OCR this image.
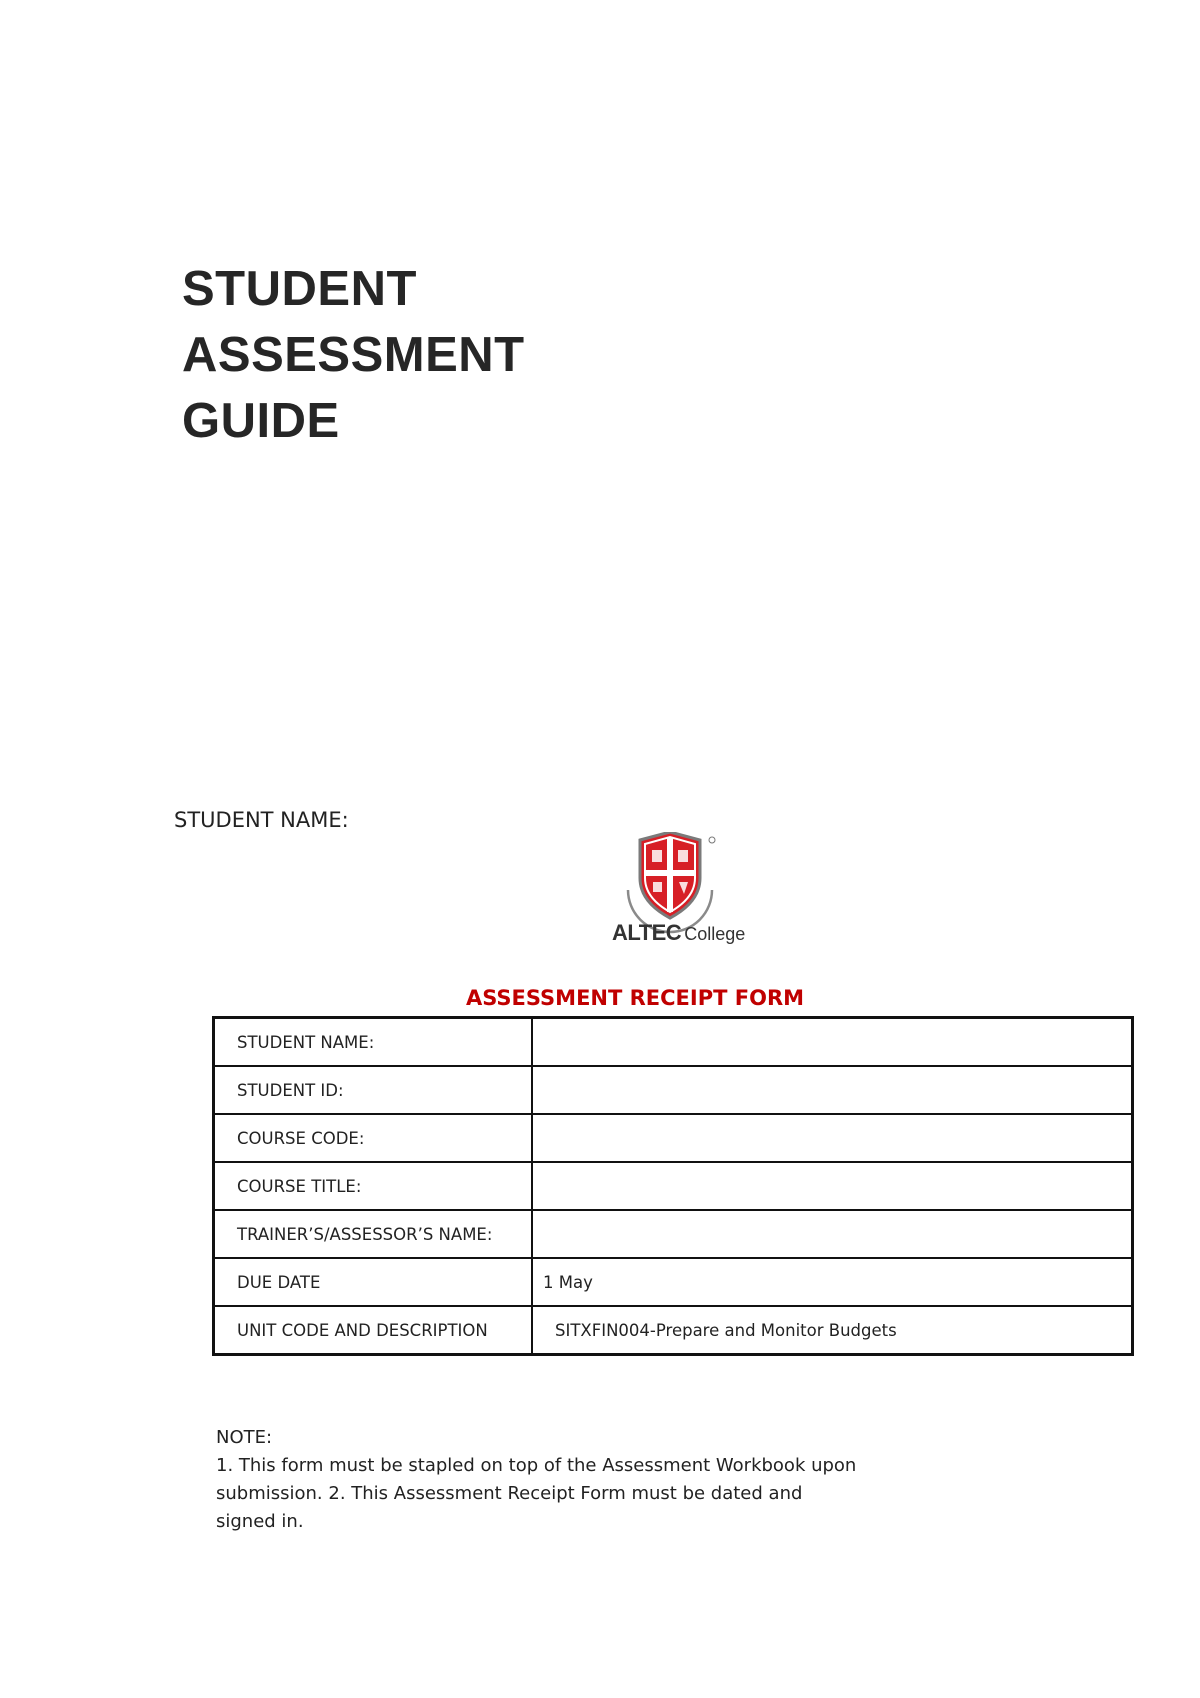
STUDENT
ASSESSMENT
GUIDE
STUDENT NAME:
ALTEC College
ASSESSMENT RECEIPT FORM
STUDENT NAME:	
STUDENT ID:	
COURSE CODE:	
COURSE TITLE:	
TRAINER’S/ASSESSOR’S NAME:	
DUE DATE	1 May
UNIT CODE AND DESCRIPTION	SITXFIN004-Prepare and Monitor Budgets
NOTE:
1. This form must be stapled on top of the Assessment Workbook upon
submission. 2. This Assessment Receipt Form must be dated and
signed in.
